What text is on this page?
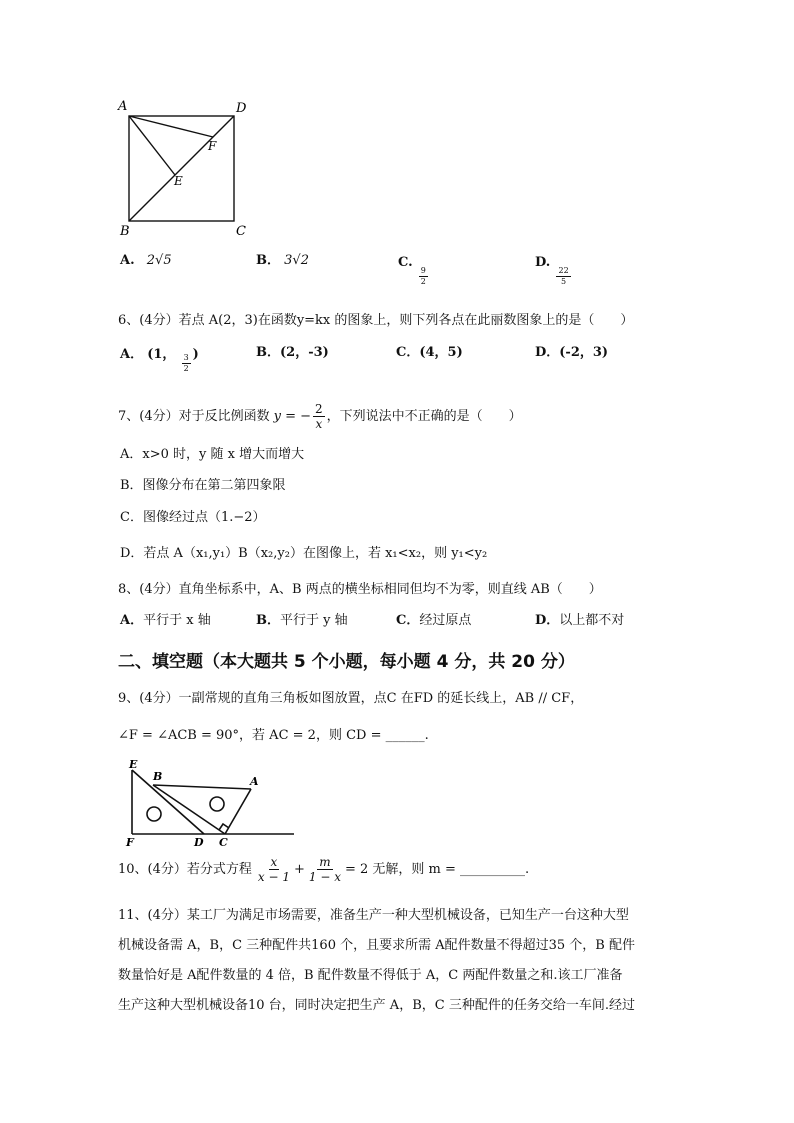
A	D
B	C
E
F
A. 2√5	B． 3√2	C.
$\frac{9}{2}$
D.
$\frac{22}{5}$
6、(4分）若点 A(2，3)在函数y=kx 的图象上，则下列各点在此丽数图象上的是（　　）
A． (1， $\frac{3}{2}$ )	B．(2，-3)	C．(4，5)	D．(-2，3)
7、(4分）对于反比例函数 y = − $\frac{2}{x}$ ，下列说法中不正确的是（　　）
A．x>0 时，y 随 x 增大而增大
B．图像分布在第二第四象限
C．图像经过点（1.−2）
D．若点 A（x₁,y₁）B（x₂,y₂）在图像上，若 x₁<x₂，则 y₁<y₂
8、(4分）直角坐标系中，A、B 两点的横坐标相同但均不为零，则直线 AB（　　）
A．平行于 x 轴	B．平行于 y 轴	C．经过原点	D．以上都不对
二、填空题（本大题共 5 个小题，每小题 4 分，共 20 分）
9、(4分）一副常规的直角三角板如图放置，点C 在FD 的延长线上，AB // CF，
∠F = ∠ACB = 90°，若 AC = 2，则 CD = ______.
E
B	A
F	D C
10、(4分）若分式方程 $\frac{x}{x - 1} + \frac{m}{1 - x} = 2$ 无解，则 m = __________.
11、(4分）某工厂为满足市场需要，准备生产一种大型机械设备，已知生产一台这种大型
机械设备需 A，B，C 三种配件共160 个，且要求所需 A配件数量不得超过35 个，B 配件
数量恰好是 A配件数量的 4 倍，B 配件数量不得低于 A，C 两配件数量之和.该工厂准备
生产这种大型机械设备10 台，同时决定把生产 A，B，C 三种配件的任务交给一车间.经过
